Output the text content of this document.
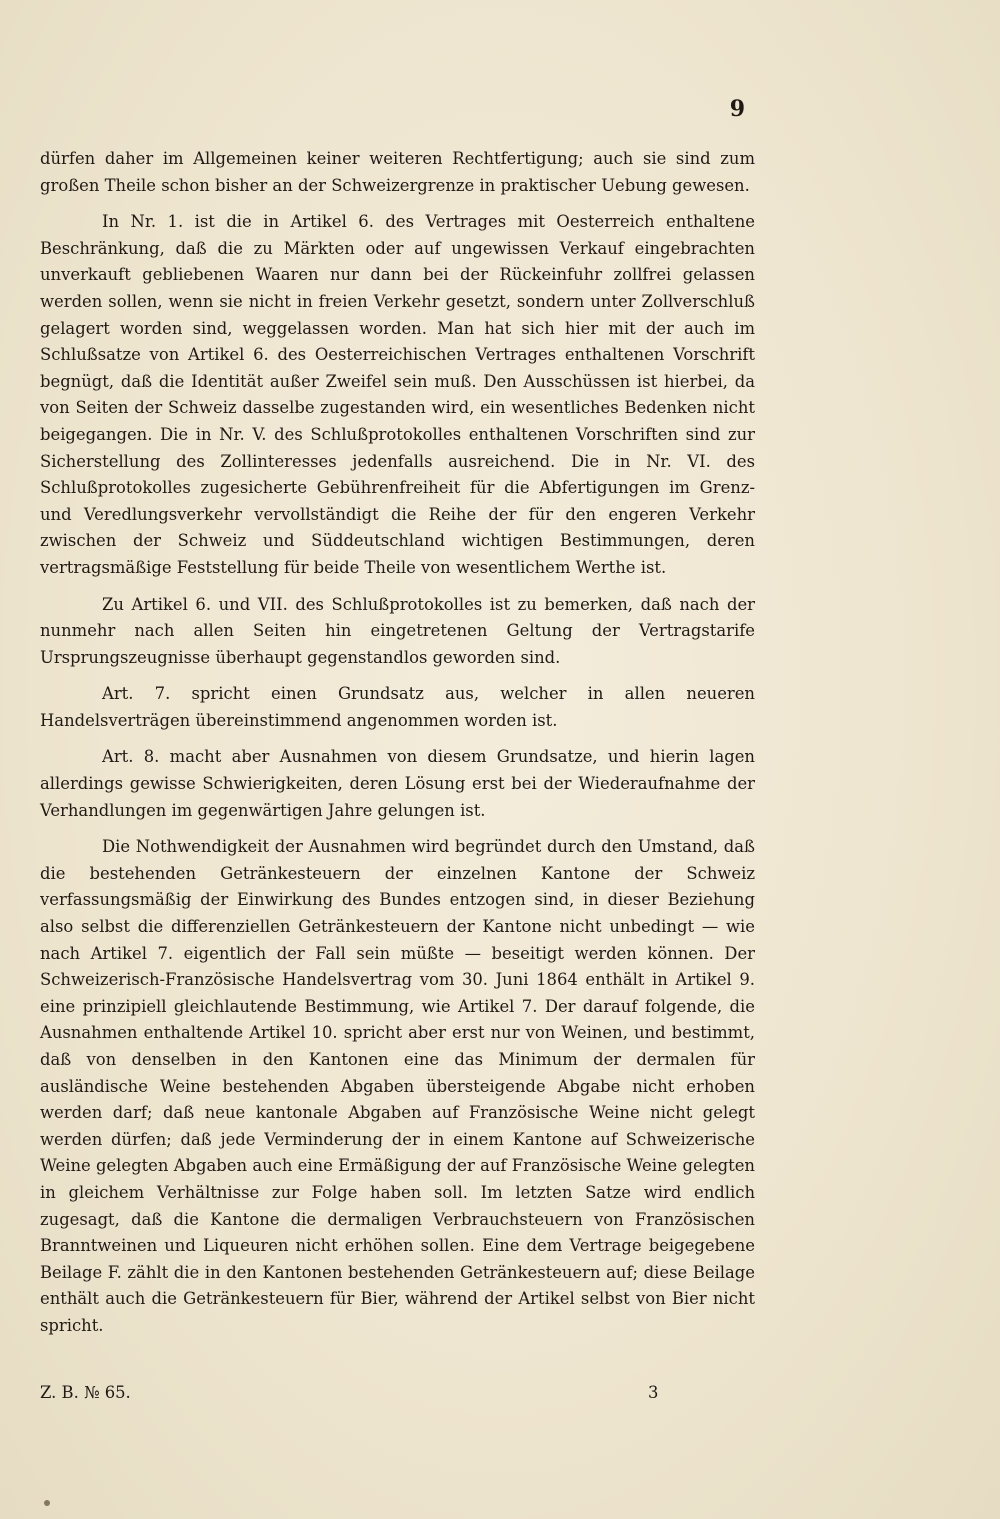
9

dürfen daher im Allgemeinen keiner weiteren Rechtfertigung; auch sie sind zum großen Theile schon bisher an der Schweizergrenze in praktischer Uebung gewesen.

In Nr. 1. ist die in Artikel 6. des Vertrages mit Oesterreich enthaltene Beschränkung, daß die zu Märkten oder auf ungewissen Verkauf eingebrachten unverkauft gebliebenen Waaren nur dann bei der Rückeinfuhr zollfrei gelassen werden sollen, wenn sie nicht in freien Verkehr gesetzt, sondern unter Zollverschluß gelagert worden sind, weggelassen worden. Man hat sich hier mit der auch im Schlußsatze von Artikel 6. des Oesterreichischen Vertrages enthaltenen Vorschrift begnügt, daß die Identität außer Zweifel sein muß. Den Ausschüssen ist hierbei, da von Seiten der Schweiz dasselbe zugestanden wird, ein wesentliches Bedenken nicht beigegangen. Die in Nr. V. des Schlußprotokolles enthaltenen Vorschriften sind zur Sicherstellung des Zollinteresses jedenfalls ausreichend. Die in Nr. VI. des Schlußprotokolles zugesicherte Gebührenfreiheit für die Abfertigungen im Grenz- und Veredlungsverkehr vervollständigt die Reihe der für den engeren Verkehr zwischen der Schweiz und Süddeutschland wichtigen Bestimmungen, deren vertragsmäßige Feststellung für beide Theile von wesentlichem Werthe ist.

Zu Artikel 6. und VII. des Schlußprotokolles ist zu bemerken, daß nach der nunmehr nach allen Seiten hin eingetretenen Geltung der Vertragstarife Ursprungszeugnisse überhaupt gegenstandlos geworden sind.

Art. 7. spricht einen Grundsatz aus, welcher in allen neueren Handelsverträgen übereinstimmend angenommen worden ist.

Art. 8. macht aber Ausnahmen von diesem Grundsatze, und hierin lagen allerdings gewisse Schwierigkeiten, deren Lösung erst bei der Wiederaufnahme der Verhandlungen im gegenwärtigen Jahre gelungen ist.

Die Nothwendigkeit der Ausnahmen wird begründet durch den Umstand, daß die bestehenden Getränkesteuern der einzelnen Kantone der Schweiz verfassungsmäßig der Einwirkung des Bundes entzogen sind, in dieser Beziehung also selbst die differenziellen Getränkesteuern der Kantone nicht unbedingt — wie nach Artikel 7. eigentlich der Fall sein müßte — beseitigt werden können. Der Schweizerisch-Französische Handelsvertrag vom 30. Juni 1864 enthält in Artikel 9. eine prinzipiell gleichlautende Bestimmung, wie Artikel 7. Der darauf folgende, die Ausnahmen enthaltende Artikel 10. spricht aber erst nur von Weinen, und bestimmt, daß von denselben in den Kantonen eine das Minimum der dermalen für ausländische Weine bestehenden Abgaben übersteigende Abgabe nicht erhoben werden darf; daß neue kantonale Abgaben auf Französische Weine nicht gelegt werden dürfen; daß jede Verminderung der in einem Kantone auf Schweizerische Weine gelegten Abgaben auch eine Ermäßigung der auf Französische Weine gelegten in gleichem Verhältnisse zur Folge haben soll. Im letzten Satze wird endlich zugesagt, daß die Kantone die dermaligen Verbrauchsteuern von Französischen Branntweinen und Liqueuren nicht erhöhen sollen. Eine dem Vertrage beigegebene Beilage F. zählt die in den Kantonen bestehenden Getränkesteuern auf; diese Beilage enthält auch die Getränkesteuern für Bier, während der Artikel selbst von Bier nicht spricht.

Z. B. № 65.	3
